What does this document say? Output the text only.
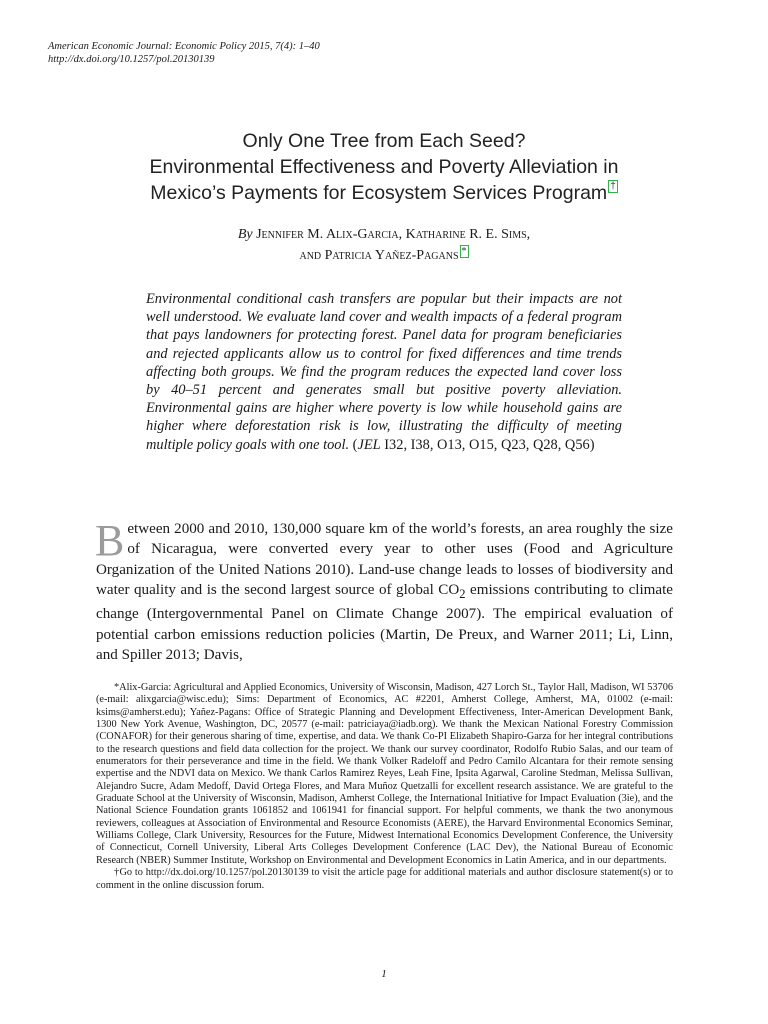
American Economic Journal: Economic Policy 2015, 7(4): 1–40
http://dx.doi.org/10.1257/pol.20130139
Only One Tree from Each Seed?
Environmental Effectiveness and Poverty Alleviation in
Mexico’s Payments for Ecosystem Services Program †
By Jennifer M. Alix-Garcia, Katharine R. E. Sims,
and Patricia Yañez-Pagans *
Environmental conditional cash transfers are popular but their impacts are not well understood. We evaluate land cover and wealth impacts of a federal program that pays landowners for protecting forest. Panel data for program beneficiaries and rejected applicants allow us to control for fixed differences and time trends affecting both groups. We find the program reduces the expected land cover loss by 40–51 percent and generates small but positive poverty alleviation. Environmental gains are higher where poverty is low while household gains are higher where deforestation risk is low, illustrating the difficulty of meeting multiple policy goals with one tool. (JEL I32, I38, O13, O15, Q23, Q28, Q56)
Between 2000 and 2010, 130,000 square km of the world’s forests, an area roughly the size of Nicaragua, were converted every year to other uses (Food and Agriculture Organization of the United Nations 2010). Land-use change leads to losses of biodiversity and water quality and is the second largest source of global $CO_2$ emissions contributing to climate change (Intergovernmental Panel on Climate Change 2007). The empirical evaluation of potential carbon emissions reduction policies (Martin, De Preux, and Warner 2011; Li, Linn, and Spiller 2013; Davis,

*Alix-Garcia: Agricultural and Applied Economics, University of Wisconsin, Madison, 427 Lorch St., Taylor Hall, Madison, WI 53706 (e-mail: alixgarcia@wisc.edu); Sims: Department of Economics, AC #2201, Amherst College, Amherst, MA, 01002 (e-mail: ksims@amherst.edu); Yañez-Pagans: Office of Strategic Planning and Development Effectiveness, Inter-American Development Bank, 1300 New York Avenue, Washington, DC, 20577 (e-mail: patriciaya@iadb.org). We thank the Mexican National Forestry Commission (CONAFOR) for their generous sharing of time, expertise, and data. We thank Co-PI Elizabeth Shapiro-Garza for her integral contributions to the research questions and field data collection for the project. We thank our survey coordinator, Rodolfo Rubio Salas, and our team of enumerators for their perseverance and time in the field. We thank Volker Radeloff and Pedro Camilo Alcantara for their remote sensing expertise and the NDVI data on Mexico. We thank Carlos Ramirez Reyes, Leah Fine, Ipsita Agarwal, Caroline Stedman, Melissa Sullivan, Alejandro Sucre, Adam Medoff, David Ortega Flores, and Mara Muñoz Quetzalli for excellent research assistance. We are grateful to the Graduate School at the University of Wisconsin, Madison, Amherst College, the International Initiative for Impact Evaluation (3ie), and the National Science Foundation grants 1061852 and 1061941 for financial support. For helpful comments, we thank the two anonymous reviewers, colleagues at Association of Environmental and Resource Economists (AERE), the Harvard Environmental Economics Seminar, Williams College, Clark University, Resources for the Future, Midwest International Economics Development Conference, the University of Connecticut, Cornell University, Liberal Arts Colleges Development Conference (LAC Dev), the National Bureau of Economic Research (NBER) Summer Institute, Workshop on Environmental and Development Economics in Latin America, and in our departments.

†Go to http://dx.doi.org/10.1257/pol.20130139 to visit the article page for additional materials and author disclosure statement(s) or to comment in the online discussion forum.

1
